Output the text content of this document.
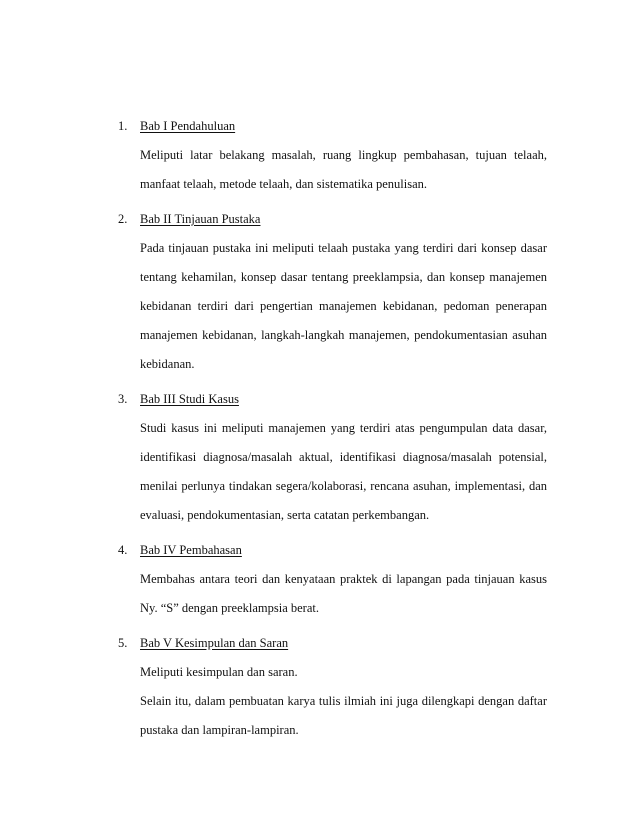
1. Bab I Pendahuluan

Meliputi latar belakang masalah, ruang lingkup pembahasan, tujuan telaah, manfaat telaah, metode telaah, dan sistematika penulisan.

2. Bab II Tinjauan Pustaka

Pada tinjauan pustaka ini meliputi telaah pustaka yang terdiri dari konsep dasar tentang kehamilan, konsep dasar tentang preeklampsia, dan konsep manajemen kebidanan terdiri dari pengertian manajemen kebidanan, pedoman penerapan manajemen kebidanan, langkah-langkah manajemen, pendokumentasian asuhan kebidanan.

3. Bab III Studi Kasus

Studi kasus ini meliputi manajemen yang terdiri atas pengumpulan data dasar, identifikasi diagnosa/masalah aktual, identifikasi diagnosa/masalah potensial, menilai perlunya tindakan segera/kolaborasi, rencana asuhan, implementasi, dan evaluasi, pendokumentasian, serta catatan perkembangan.

4. Bab IV Pembahasan

Membahas antara teori dan kenyataan praktek di lapangan pada tinjauan kasus Ny. “S” dengan preeklampsia berat.

5. Bab V Kesimpulan dan Saran

Meliputi kesimpulan dan saran.

Selain itu, dalam pembuatan karya tulis ilmiah ini juga dilengkapi dengan daftar pustaka dan lampiran-lampiran.
